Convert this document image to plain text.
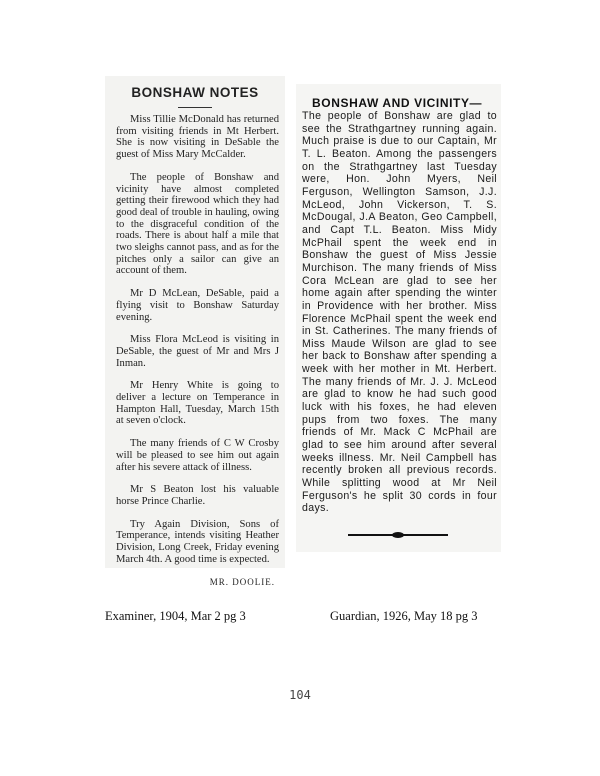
BONSHAW NOTES

Miss Tillie McDonald has returned from visiting friends in Mt Herbert. She is now visiting in DeSable the guest of Miss Mary McCalder.

The people of Bonshaw and vicinity have almost completed getting their firewood which they had good deal of trouble in hauling, owing to the disgraceful condition of the roads. There is about half a mile that two sleighs cannot pass, and as for the pitches only a sailor can give an account of them.

Mr D McLean, DeSable, paid a flying visit to Bonshaw Saturday evening.

Miss Flora McLeod is visiting in DeSable, the guest of Mr and Mrs J Inman.

Mr Henry White is going to deliver a lecture on Temperance in Hampton Hall, Tuesday, March 15th at seven o'clock.

The many friends of C W Crosby will be pleased to see him out again after his severe attack of illness.

Mr S Beaton lost his valuable horse Prince Charlie.

Try Again Division, Sons of Temperance, intends visiting Heather Division, Long Creek, Friday evening March 4th. A good time is expected.

MR. DOOLIE.
BONSHAW AND VICINITY—
The people of Bonshaw are glad to see the Strathgartney running again. Much praise is due to our Captain, Mr T. L. Beaton. Among the passengers on the Strathgartney last Tuesday were, Hon. John Myers, Neil Ferguson, Wellington Samson, J.J. McLeod, John Vickerson, T. S. McDougal, J.A Beaton, Geo Campbell, and Capt T.L. Beaton. Miss Midy McPhail spent the week end in Bonshaw the guest of Miss Jessie Murchison. The many friends of Miss Cora McLean are glad to see her home again after spending the winter in Providence with her brother. Miss Florence McPhail spent the week end in St. Catherines. The many friends of Miss Maude Wilson are glad to see her back to Bonshaw after spending a week with her mother in Mt. Herbert. The many friends of Mr. J. J. McLeod are glad to know he had such good luck with his foxes, he had eleven pups from two foxes. The many friends of Mr. Mack C McPhail are glad to see him around after several weeks illness. Mr. Neil Campbell has recently broken all previous records. While splitting wood at Mr Neil Ferguson's he split 30 cords in four days.
Examiner, 1904, Mar 2 pg 3	Guardian, 1926, May 18 pg 3
104
